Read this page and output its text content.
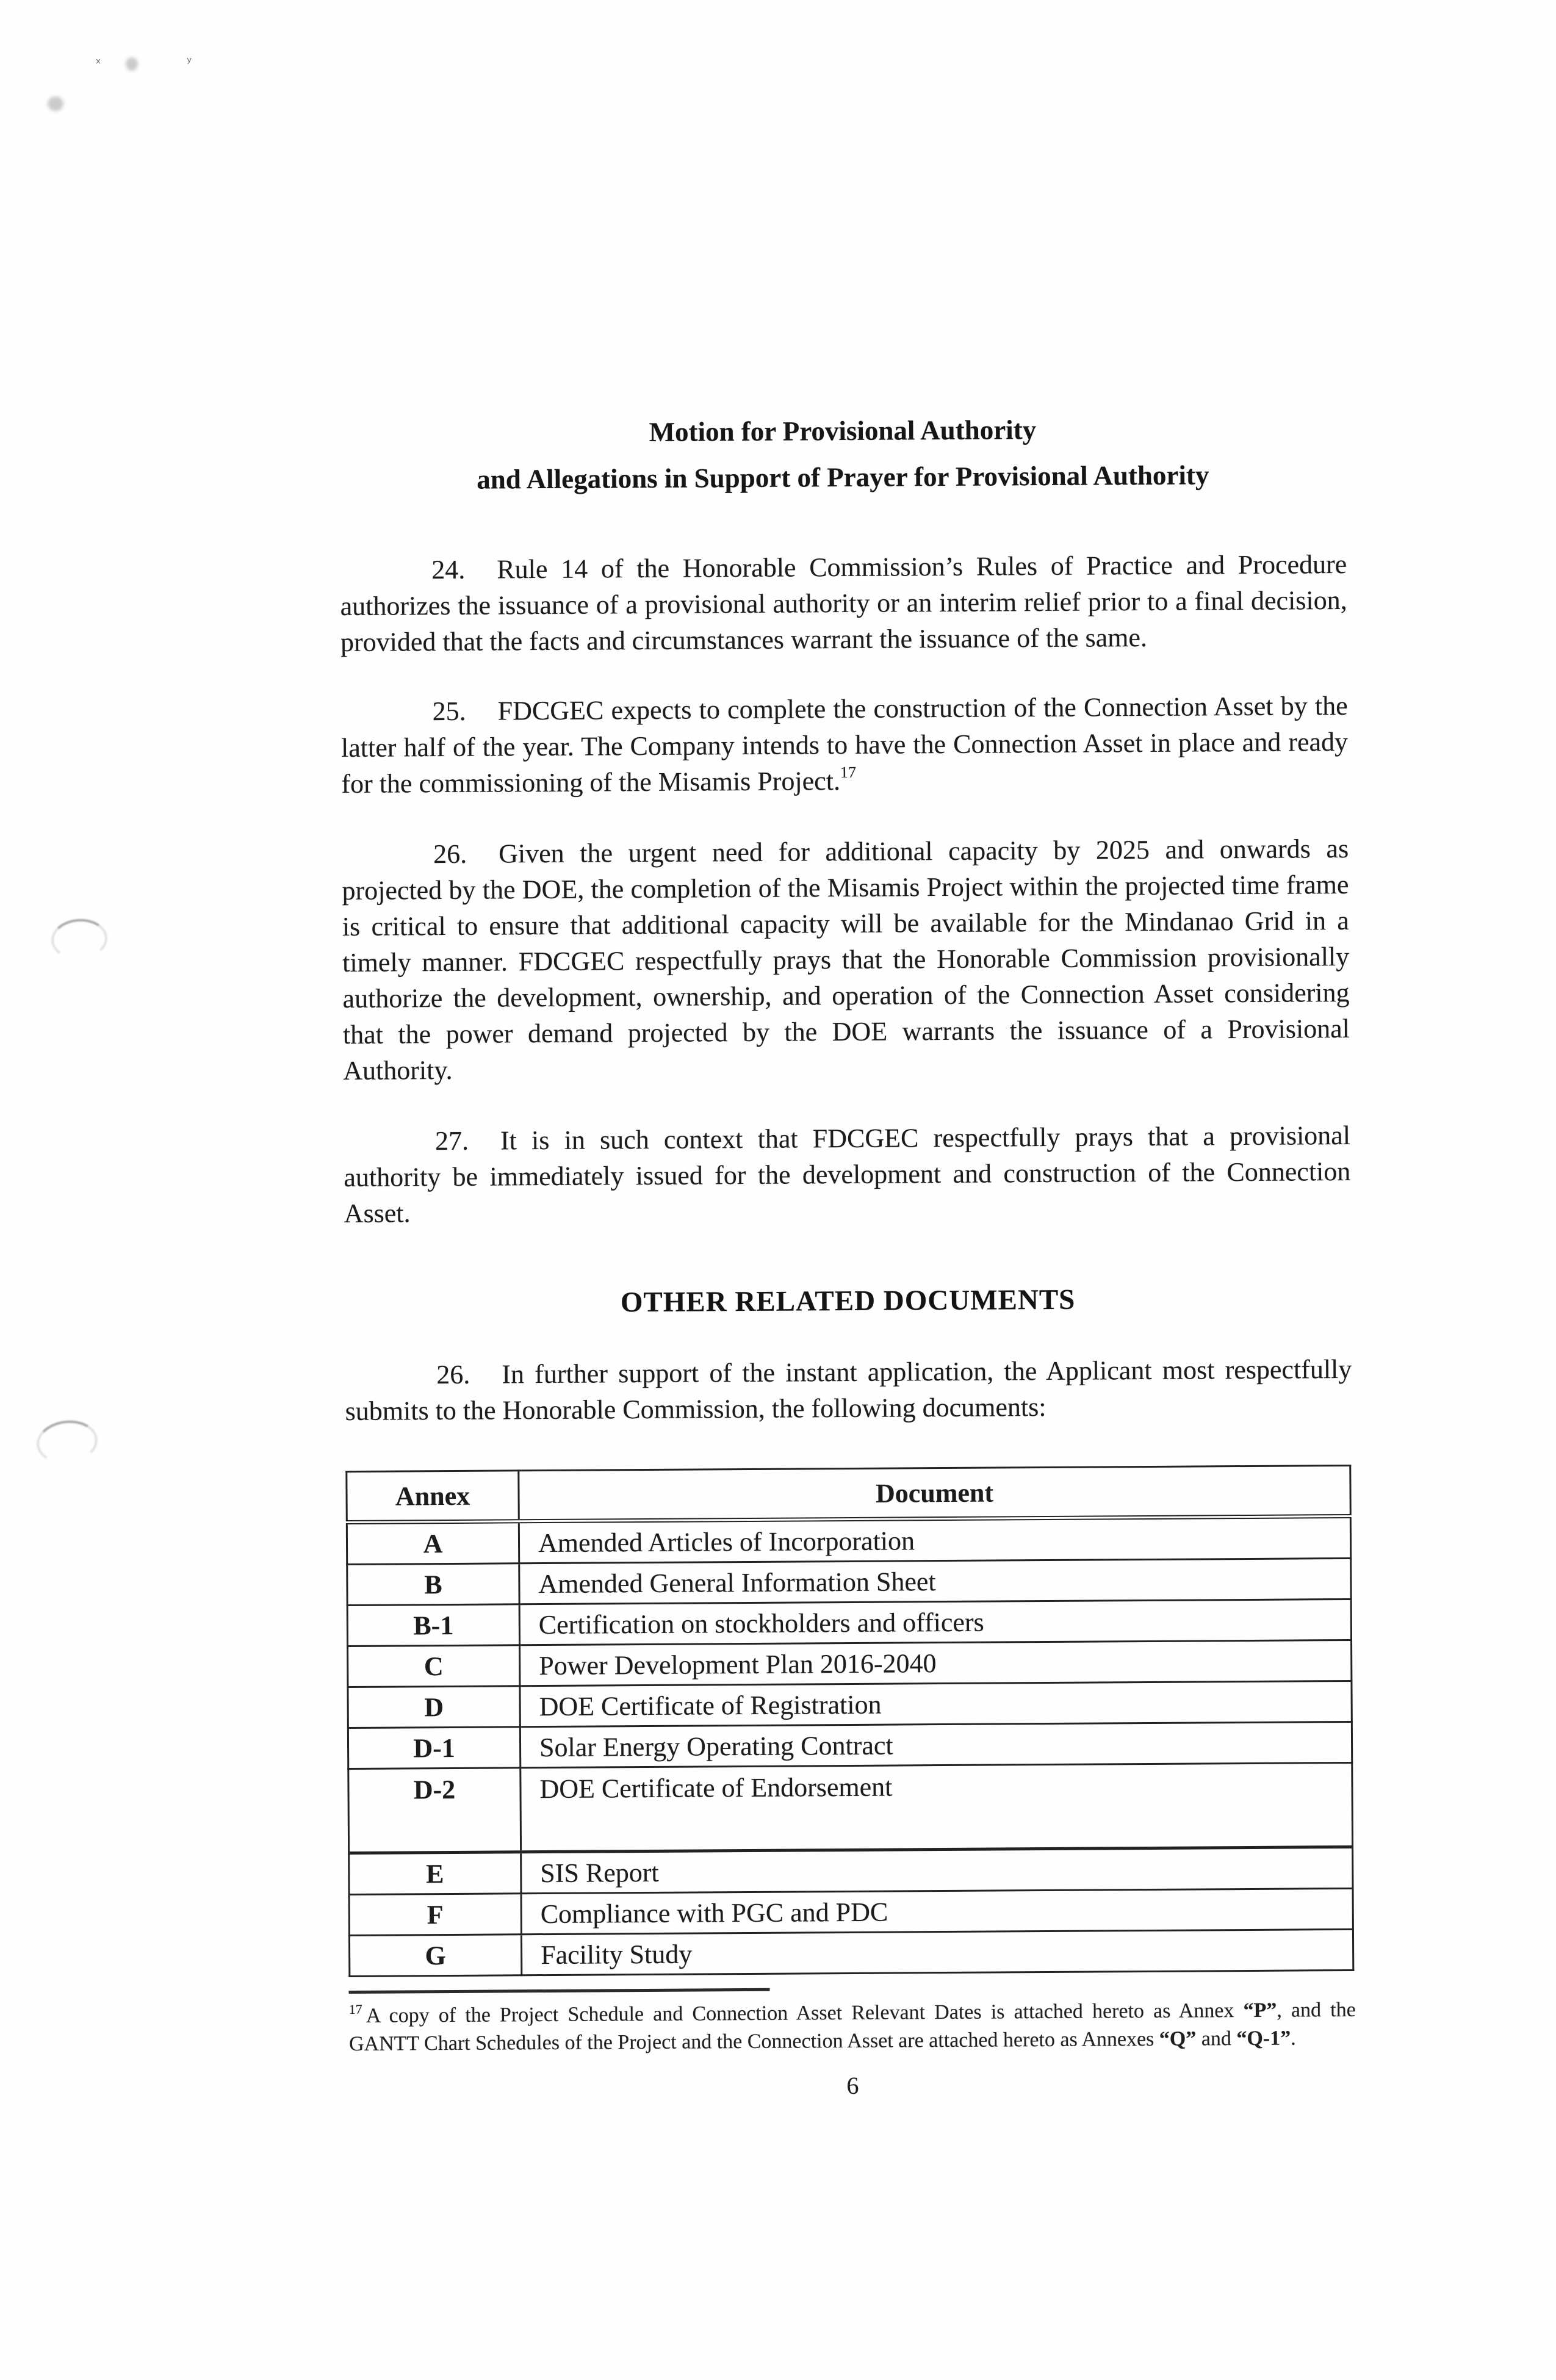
ˣ	ʸ
Motion for Provisional Authority
and Allegations in Support of Prayer for Provisional Authority

24. Rule 14 of the Honorable Commission’s Rules of Practice and Procedure authorizes the issuance of a provisional authority or an interim relief prior to a final decision, provided that the facts and circumstances warrant the issuance of the same.

25. FDCGEC expects to complete the construction of the Connection Asset by the latter half of the year. The Company intends to have the Connection Asset in place and ready for the commissioning of the Misamis Project.$^{17}$

26. Given the urgent need for additional capacity by 2025 and onwards as projected by the DOE, the completion of the Misamis Project within the projected time frame is critical to ensure that additional capacity will be available for the Mindanao Grid in a timely manner. FDCGEC respectfully prays that the Honorable Commission provisionally authorize the development, ownership, and operation of the Connection Asset considering that the power demand projected by the DOE warrants the issuance of a Provisional Authority.

27. It is in such context that FDCGEC respectfully prays that a provisional authority be immediately issued for the development and construction of the Connection Asset.

OTHER RELATED DOCUMENTS

26. In further support of the instant application, the Applicant most respectfully submits to the Honorable Commission, the following documents:

Annex	Document
A	Amended Articles of Incorporation
B	Amended General Information Sheet
B-1	Certification on stockholders and officers
C	Power Development Plan 2016-2040
D	DOE Certificate of Registration
D-1	Solar Energy Operating Contract
D-2	DOE Certificate of Endorsement
E	SIS Report
F	Compliance with PGC and PDC
G	Facility Study
$^{17}$ A copy of the Project Schedule and Connection Asset Relevant Dates is attached hereto as Annex “P”, and the GANTT Chart Schedules of the Project and the Connection Asset are attached hereto as Annexes “Q” and “Q-1”.
6
